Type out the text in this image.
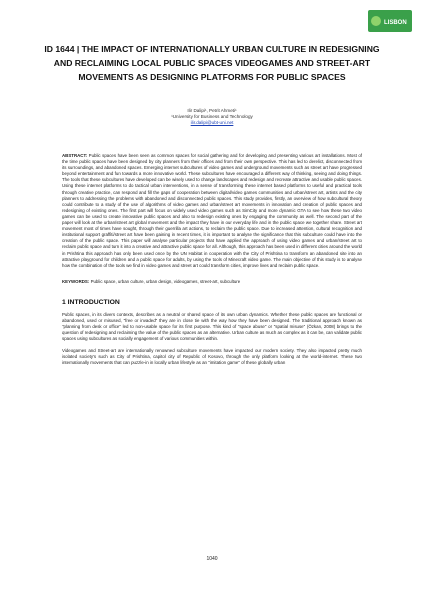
LISBON
ID 1644 | THE IMPACT OF INTERNATIONALLY URBAN CULTURE IN REDESIGNING AND RECLAIMING LOCAL PUBLIC SPACES VIDEOGAMES AND STREET-ART MOVEMENTS AS DESIGNING PLATFORMS FOR PUBLIC SPACES
Ilir Dalipi¹, Petrit Ahmeti¹
¹University for Business and Technology
ilir.dalipi@ubt-uni.net
ABSTRACT: Public spaces have been seen as common spaces for social gathering and for developing and presenting various art installations. Most of the time public spaces have been designed by city planners from their offices and from their own perspective. This has led to derelict, disconnected from its surroundings, and abandoned spaces. Emerging internet subcultures of video games and underground movements such as street art have progressed beyond entertainment and fun towards a more innovative world. These subcultures have encouraged a different way of thinking, seeing and doing things. The tools that these subcultures have developed can be wisely used to change landscapes and redesign and recreate attractive and usable public spaces. Using these internet platforms to do tactical urban interventions, in a sense of transforming these internet based platforms to useful and practical tools through creative practice, can respond and fill the gaps of cooperation between digital/video games communities and urban/street art, artists and the city planners to addressing the problems with abandoned and disconnected public spaces. This study provides, firstly, an overview of how subcultural theory could contribute to a study of the use of algorithms of video games and urban/street art movements in innovation and creation of public spaces and redesigning of existing ones. The first part will focus on widely used video games such as SimCity and more dynamic GTA to see how these two video games can be used to create innovative public spaces and also to redesign existing ones by engaging the community as well. The second part of the paper will look at the urban/street art global movement and the impact they have in our everyday life and in the public space we together share. Street art movement most of times have sought, through their guerrilla art actions, to reclaim the public space. Due to increased attention, cultural recognition and institutional support graffiti/street art have been gaining in recent times, it is important to analyse the significance that this subculture could have into the creation of the public space. This paper will analyse particular projects that have applied the approach of using video games and urban/street art to reclaim public space and turn it into a creative and attractive public space for all. Although, this approach has been used in different cities around the world in Prishtina this approach has only been used once by the UN Habitat in cooperation with the City of Prishtina to transform an abandoned site into an attractive playground for children and a public space for adults, by using the tools of Minecraft video game. The main objective of this study is to analyse how the combination of the tools we find in video games and street art could transform cities, improve lives and reclaim public space.
1 INTRODUCTION
Public spaces, in its divers contexts, describes as a neutral or shared space of its own urban dynamics. Whether these public spaces are functional or abandoned, used or misused, "free or invaded" they are in close tie with the way how they have been designed. The traditional approach known as "planning from desk or office" led to non-usable space for its first purpose. This kind of "space abuse" or "spatial misuse" (Özkan, 2008) brings to the question of redesigning and reclaiming the value of the public spaces as an alternative. Urban culture as much as complex as it can be, can validate public spaces using subcultures as socially engagement of various communities within.
KEYWORDS: Public space, urban culture, urban design, videogames, street-art, subculture
Videogames and Street-art are internationally renowned subculture movements have impacted our modern society. They also impacted pretty much isolated society's such as City of Prishtina, capitol city of Republic of Kosovo, through the only platform looking at the world-internet. These two internationally movements that can puzzle-in in locally urban lifestyle as an "imitation game" of these globally urban
1040
